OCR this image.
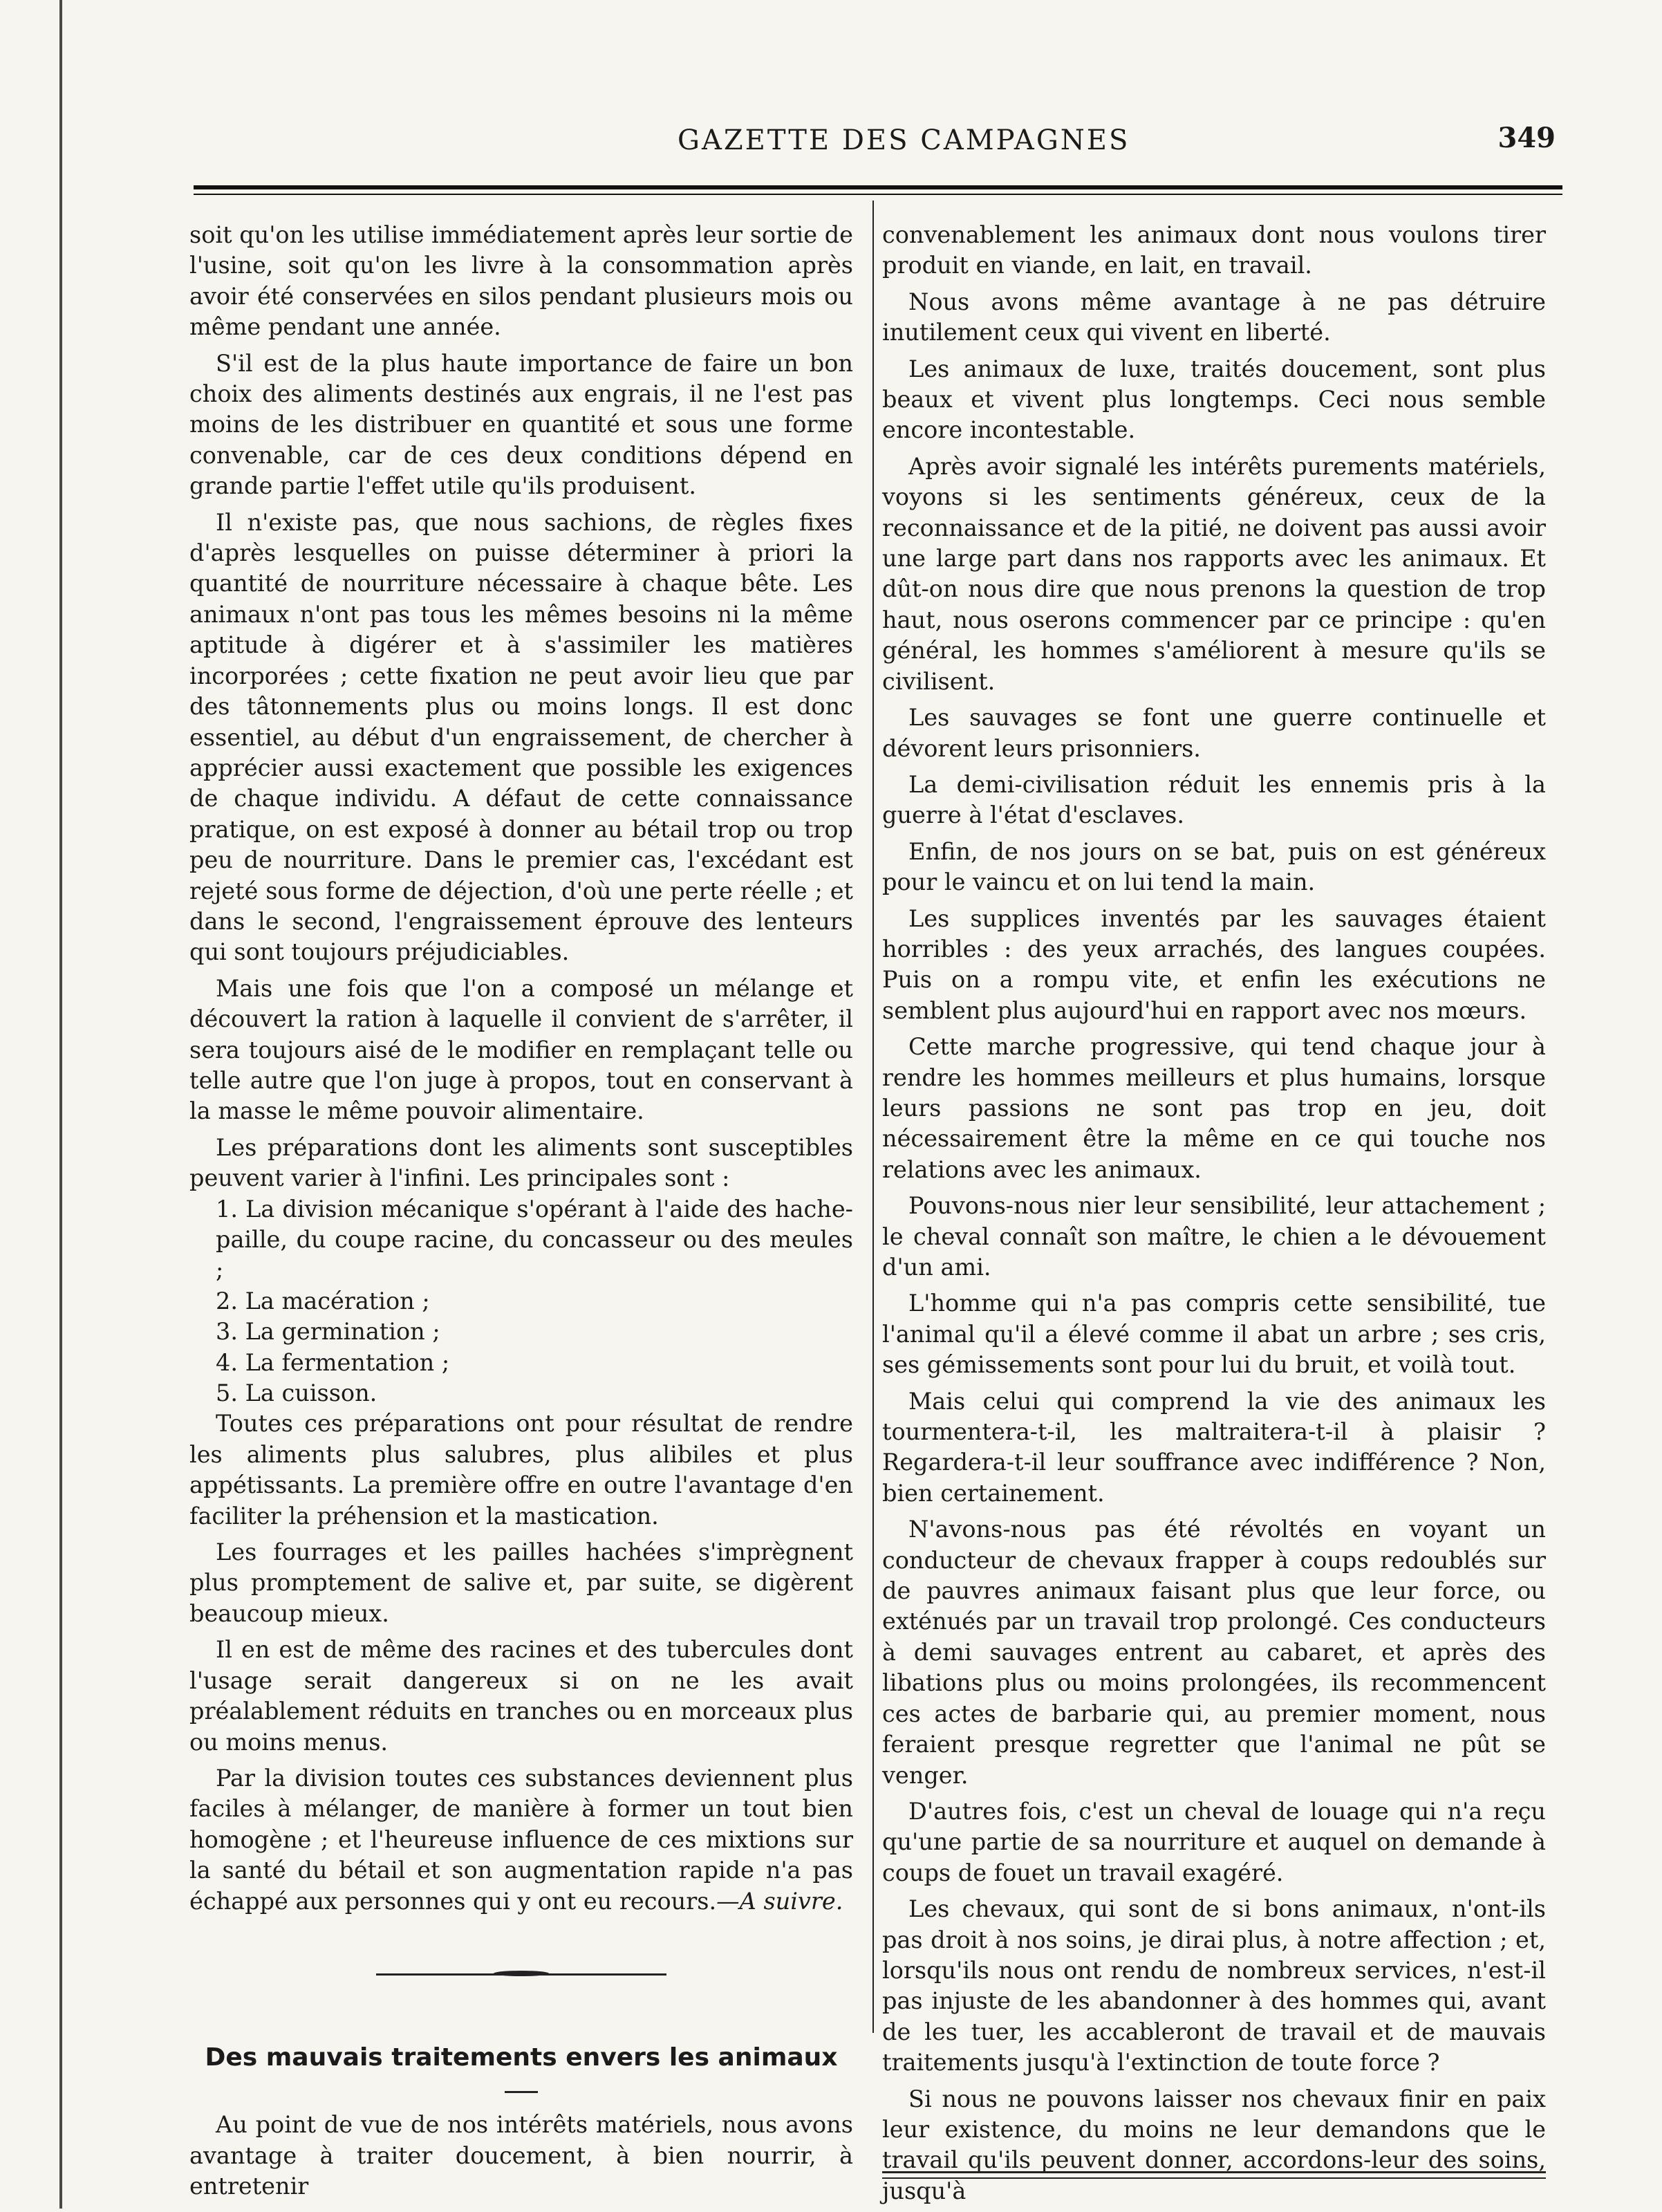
GAZETTE DES CAMPAGNES	349

soit qu'on les utilise immédiatement après leur sortie de l'usine, soit qu'on les livre à la consommation après avoir été conservées en silos pendant plusieurs mois ou même pendant une année.

S'il est de la plus haute importance de faire un bon choix des aliments destinés aux engrais, il ne l'est pas moins de les distribuer en quantité et sous une forme convenable, car de ces deux conditions dépend en grande partie l'effet utile qu'ils produisent.

Il n'existe pas, que nous sachions, de règles fixes d'après lesquelles on puisse déterminer à priori la quantité de nourriture nécessaire à chaque bête. Les animaux n'ont pas tous les mêmes besoins ni la même aptitude à digérer et à s'assimiler les matières incorporées ; cette fixation ne peut avoir lieu que par des tâtonnements plus ou moins longs. Il est donc essentiel, au début d'un engraissement, de chercher à apprécier aussi exactement que possible les exigences de chaque individu. A défaut de cette connaissance pratique, on est exposé à donner au bétail trop ou trop peu de nourriture. Dans le premier cas, l'excédant est rejeté sous forme de déjection, d'où une perte réelle ; et dans le second, l'engraissement éprouve des lenteurs qui sont toujours préjudiciables.

Mais une fois que l'on a composé un mélange et découvert la ration à laquelle il convient de s'arrêter, il sera toujours aisé de le modifier en remplaçant telle ou telle autre que l'on juge à propos, tout en conservant à la masse le même pouvoir alimentaire.

Les préparations dont les aliments sont susceptibles peuvent varier à l'infini. Les principales sont :

1. La division mécanique s'opérant à l'aide des hache-paille, du coupe racine, du concasseur ou des meules ;

2. La macération ;

3. La germination ;

4. La fermentation ;

5. La cuisson.

Toutes ces préparations ont pour résultat de rendre les aliments plus salubres, plus alibiles et plus appétissants. La première offre en outre l'avantage d'en faciliter la préhension et la mastication.

Les fourrages et les pailles hachées s'imprègnent plus promptement de salive et, par suite, se digèrent beaucoup mieux.

Il en est de même des racines et des tubercules dont l'usage serait dangereux si on ne les avait préalablement réduits en tranches ou en morceaux plus ou moins menus.

Par la division toutes ces substances deviennent plus faciles à mélanger, de manière à former un tout bien homogène ; et l'heureuse influence de ces mixtions sur la santé du bétail et son augmentation rapide n'a pas échappé aux personnes qui y ont eu recours.—A suivre.

Des mauvais traitements envers les animaux

Au point de vue de nos intérêts matériels, nous avons avantage à traiter doucement, à bien nourrir, à entretenir

convenablement les animaux dont nous voulons tirer produit en viande, en lait, en travail.

Nous avons même avantage à ne pas détruire inutilement ceux qui vivent en liberté.

Les animaux de luxe, traités doucement, sont plus beaux et vivent plus longtemps. Ceci nous semble encore incontestable.

Après avoir signalé les intérêts purements matériels, voyons si les sentiments généreux, ceux de la reconnaissance et de la pitié, ne doivent pas aussi avoir une large part dans nos rapports avec les animaux. Et dût-on nous dire que nous prenons la question de trop haut, nous oserons commencer par ce principe : qu'en général, les hommes s'améliorent à mesure qu'ils se civilisent.

Les sauvages se font une guerre continuelle et dévorent leurs prisonniers.

La demi-civilisation réduit les ennemis pris à la guerre à l'état d'esclaves.

Enfin, de nos jours on se bat, puis on est généreux pour le vaincu et on lui tend la main.

Les supplices inventés par les sauvages étaient horribles : des yeux arrachés, des langues coupées. Puis on a rompu vite, et enfin les exécutions ne semblent plus aujourd'hui en rapport avec nos mœurs.

Cette marche progressive, qui tend chaque jour à rendre les hommes meilleurs et plus humains, lorsque leurs passions ne sont pas trop en jeu, doit nécessairement être la même en ce qui touche nos relations avec les animaux.

Pouvons-nous nier leur sensibilité, leur attachement ; le cheval connaît son maître, le chien a le dévouement d'un ami.

L'homme qui n'a pas compris cette sensibilité, tue l'animal qu'il a élevé comme il abat un arbre ; ses cris, ses gémissements sont pour lui du bruit, et voilà tout.

Mais celui qui comprend la vie des animaux les tourmentera-t-il, les maltraitera-t-il à plaisir ? Regardera-t-il leur souffrance avec indifférence ? Non, bien certainement.

N'avons-nous pas été révoltés en voyant un conducteur de chevaux frapper à coups redoublés sur de pauvres animaux faisant plus que leur force, ou exténués par un travail trop prolongé. Ces conducteurs à demi sauvages entrent au cabaret, et après des libations plus ou moins prolongées, ils recommencent ces actes de barbarie qui, au premier moment, nous feraient presque regretter que l'animal ne pût se venger.

D'autres fois, c'est un cheval de louage qui n'a reçu qu'une partie de sa nourriture et auquel on demande à coups de fouet un travail exagéré.

Les chevaux, qui sont de si bons animaux, n'ont-ils pas droit à nos soins, je dirai plus, à notre affection ; et, lorsqu'ils nous ont rendu de nombreux services, n'est-il pas injuste de les abandonner à des hommes qui, avant de les tuer, les accableront de travail et de mauvais traitements jusqu'à l'extinction de toute force ?

Si nous ne pouvons laisser nos chevaux finir en paix leur existence, du moins ne leur demandons que le travail qu'ils peuvent donner, accordons-leur des soins, jusqu'à
